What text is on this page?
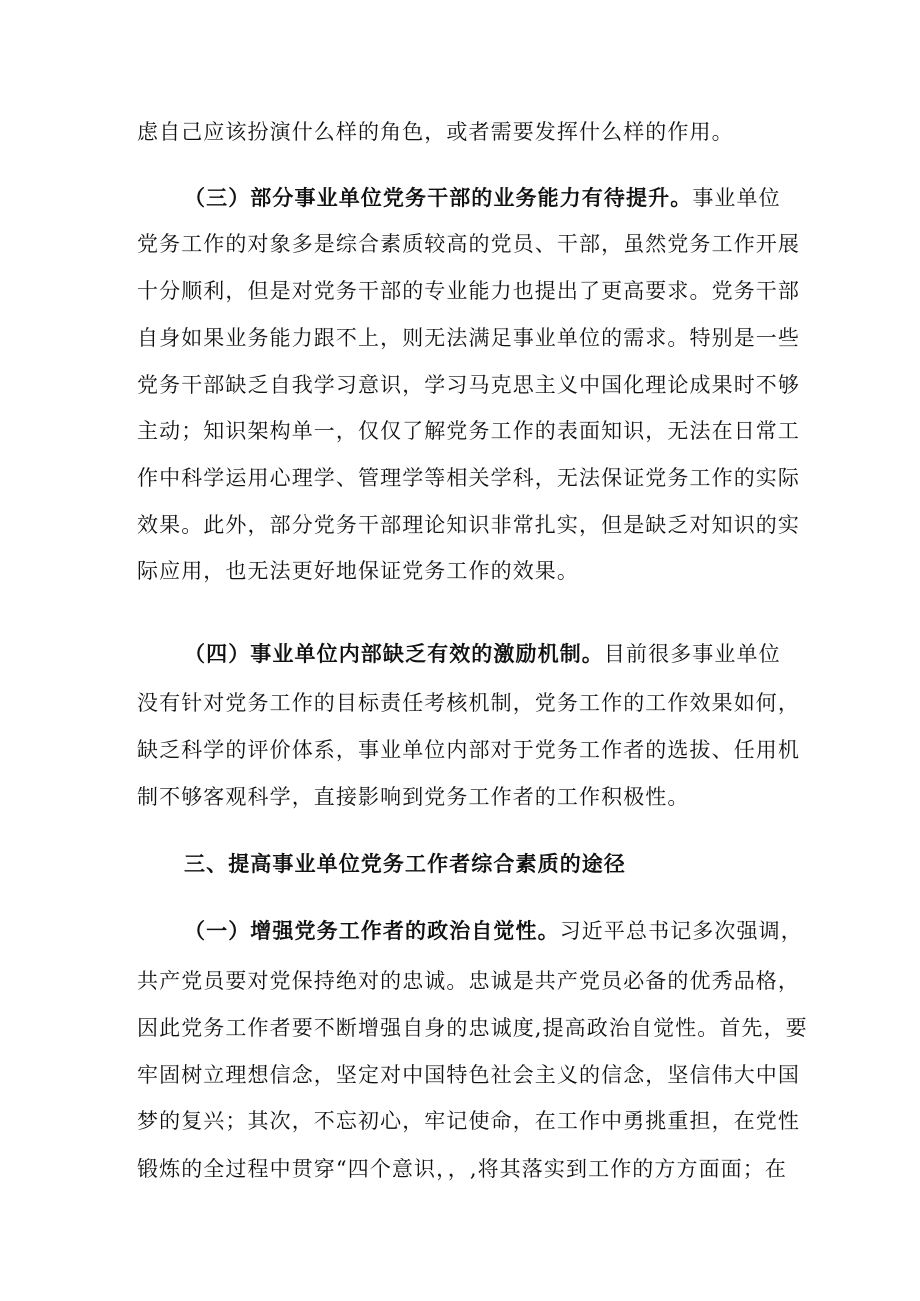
虑自己应该扮演什么样的角色，或者需要发挥什么样的作用。
（三）部分事业单位党务干部的业务能力有待提升。事业单位
党务工作的对象多是综合素质较高的党员、干部，虽然党务工作开展
十分顺利，但是对党务干部的专业能力也提出了更高要求。党务干部
自身如果业务能力跟不上，则无法满足事业单位的需求。特别是一些
党务干部缺乏自我学习意识，学习马克思主义中国化理论成果时不够
主动；知识架构单一，仅仅了解党务工作的表面知识，无法在日常工
作中科学运用心理学、管理学等相关学科，无法保证党务工作的实际
效果。此外，部分党务干部理论知识非常扎实，但是缺乏对知识的实
际应用，也无法更好地保证党务工作的效果。
（四）事业单位内部缺乏有效的激励机制。目前很多事业单位
没有针对党务工作的目标责任考核机制，党务工作的工作效果如何，
缺乏科学的评价体系，事业单位内部对于党务工作者的选拔、任用机
制不够客观科学，直接影响到党务工作者的工作积极性。
三、提高事业单位党务工作者综合素质的途径
（一）增强党务工作者的政治自觉性。习近平总书记多次强调，
共产党员要对党保持绝对的忠诚。忠诚是共产党员必备的优秀品格，
因此党务工作者要不断增强自身的忠诚度,提高政治自觉性。首先，要
牢固树立理想信念，坚定对中国特色社会主义的信念，坚信伟大中国
梦的复兴；其次，不忘初心，牢记使命，在工作中勇挑重担，在党性
锻炼的全过程中贯穿“四个意识，，,将其落实到工作的方方面面；在
